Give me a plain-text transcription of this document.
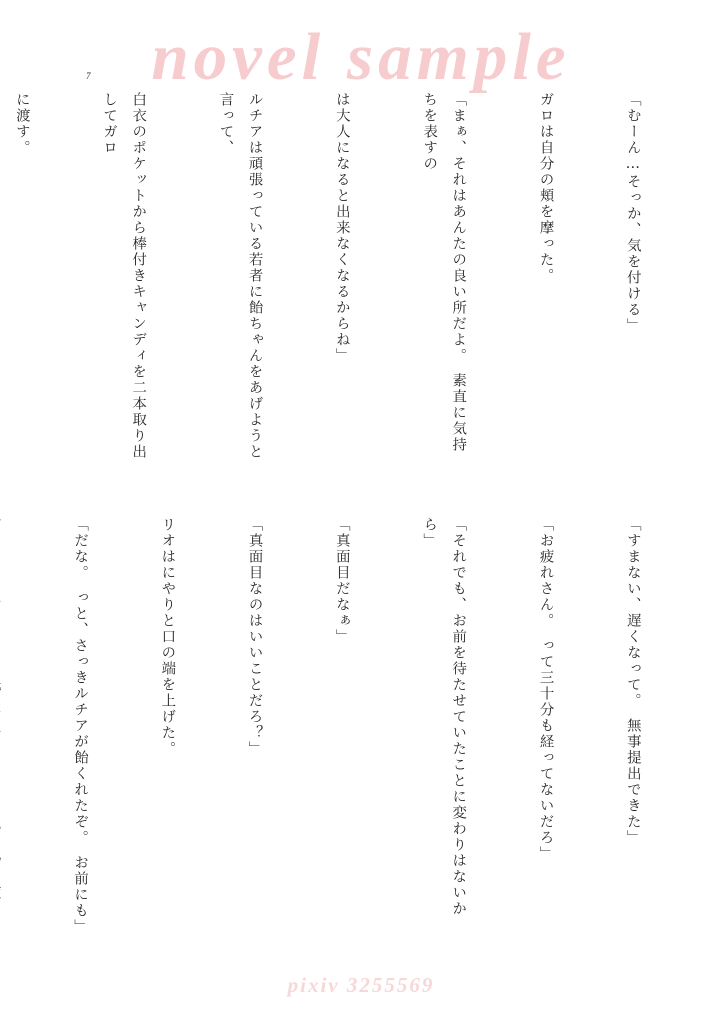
novel sample
7

「むーん…そっか、気を付ける」

ガロは自分の頬を摩った。

「まぁ、それはあんたの良い所だよ。　素直に気持ちを表すの

は大人になると出来なくなるからね」

ルチアは頑張っている若者に飴ちゃんをあげようと言って、

白衣のポケットから棒付きキャンディを二本取り出してガロ

に渡す。

「すまない、遅くなって。　無事提出できた」

「お疲れさん。　って三十分も経ってないだろ」

「それでも、お前を待たせていたことに変わりはないから」

「真面目だなぁ」

「真面目なのはいいことだろ？」

リオはにやりと口の端を上げた。

「だな。　っと、さっきルチアが飴くれたぞ。　お前にも」

pixiv 3255569
